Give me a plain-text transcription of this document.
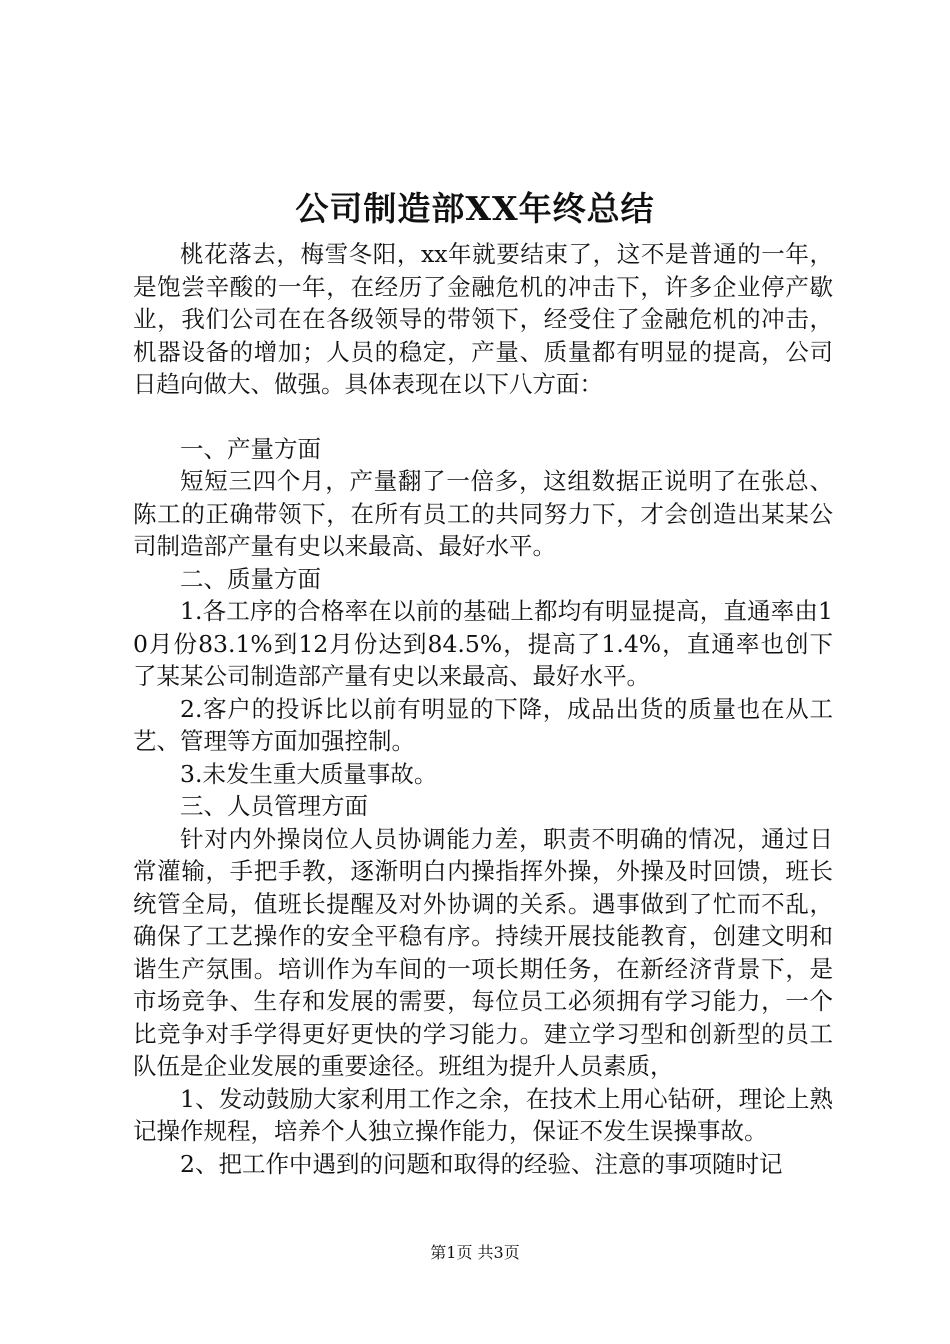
公司制造部XX年终总结

桃花落去，梅雪冬阳，xx年就要结束了，这不是普通的一年，是饱尝辛酸的一年，在经历了金融危机的冲击下，许多企业停产歇业，我们公司在在各级领导的带领下，经受住了金融危机的冲击，机器设备的增加；人员的稳定，产量、质量都有明显的提高，公司日趋向做大、做强。具体表现在以下八方面：

一、产量方面

短短三四个月，产量翻了一倍多，这组数据正说明了在张总、陈工的正确带领下，在所有员工的共同努力下，才会创造出某某公司制造部产量有史以来最高、最好水平。

二、质量方面

1.各工序的合格率在以前的基础上都均有明显提高，直通率由10月份83.1%到12月份达到84.5%，提高了1.4%，直通率也创下了某某公司制造部产量有史以来最高、最好水平。

2.客户的投诉比以前有明显的下降，成品出货的质量也在从工艺、管理等方面加强控制。

3.未发生重大质量事故。

三、人员管理方面

针对内外操岗位人员协调能力差，职责不明确的情况，通过日常灌输，手把手教，逐渐明白内操指挥外操，外操及时回馈，班长统管全局，值班长提醒及对外协调的关系。遇事做到了忙而不乱，确保了工艺操作的安全平稳有序。持续开展技能教育，创建文明和谐生产氛围。培训作为车间的一项长期任务，在新经济背景下，是市场竞争、生存和发展的需要，每位员工必须拥有学习能力，一个比竞争对手学得更好更快的学习能力。建立学习型和创新型的员工队伍是企业发展的重要途径。班组为提升人员素质，

1、发动鼓励大家利用工作之余，在技术上用心钻研，理论上熟记操作规程，培养个人独立操作能力，保证不发生误操事故。

2、把工作中遇到的问题和取得的经验、注意的事项随时记

第1页 共3页
